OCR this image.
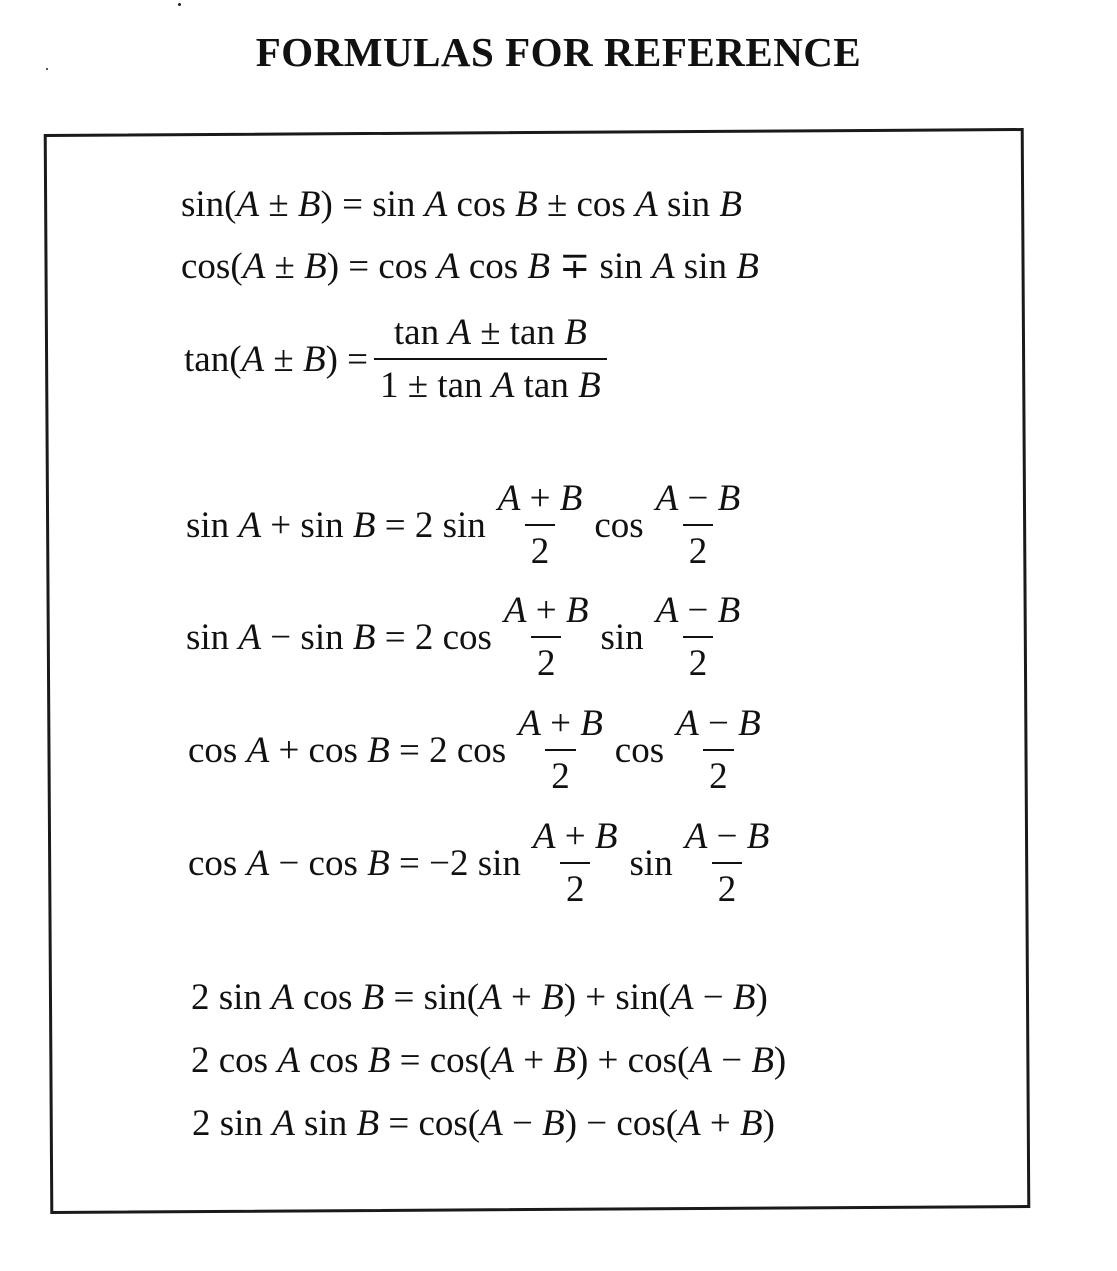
FORMULAS FOR REFERENCE
sin( A ± B ) = sin A cos B ± cos A sin B
cos( A ± B ) = cos A cos B ∓ sin A sin B
tan( A ± B ) = $\frac{\text{tan A ± tan B}}{\text{1 ± tan A tan B}}$
sin A + sin B = 2 $\sin \frac{A + B}{2}$ $\cos \frac{A - B}{2}$
sin A − sin B = 2 $\cos \frac{A + B}{2}$ $\sin \frac{A - B}{2}$
cos A + cos B = 2 $\cos \frac{A + B}{2}$ $\cos \frac{A - B}{2}$
cos A − cos B = −2 $\sin \frac{A + B}{2}$ $\sin \frac{A - B}{2}$
2 sin A cos B = sin( A + B ) + sin( A − B )
2 cos A cos B = cos( A + B ) + cos( A − B )
2 sin A sin B = cos( A − B ) − cos( A + B )
